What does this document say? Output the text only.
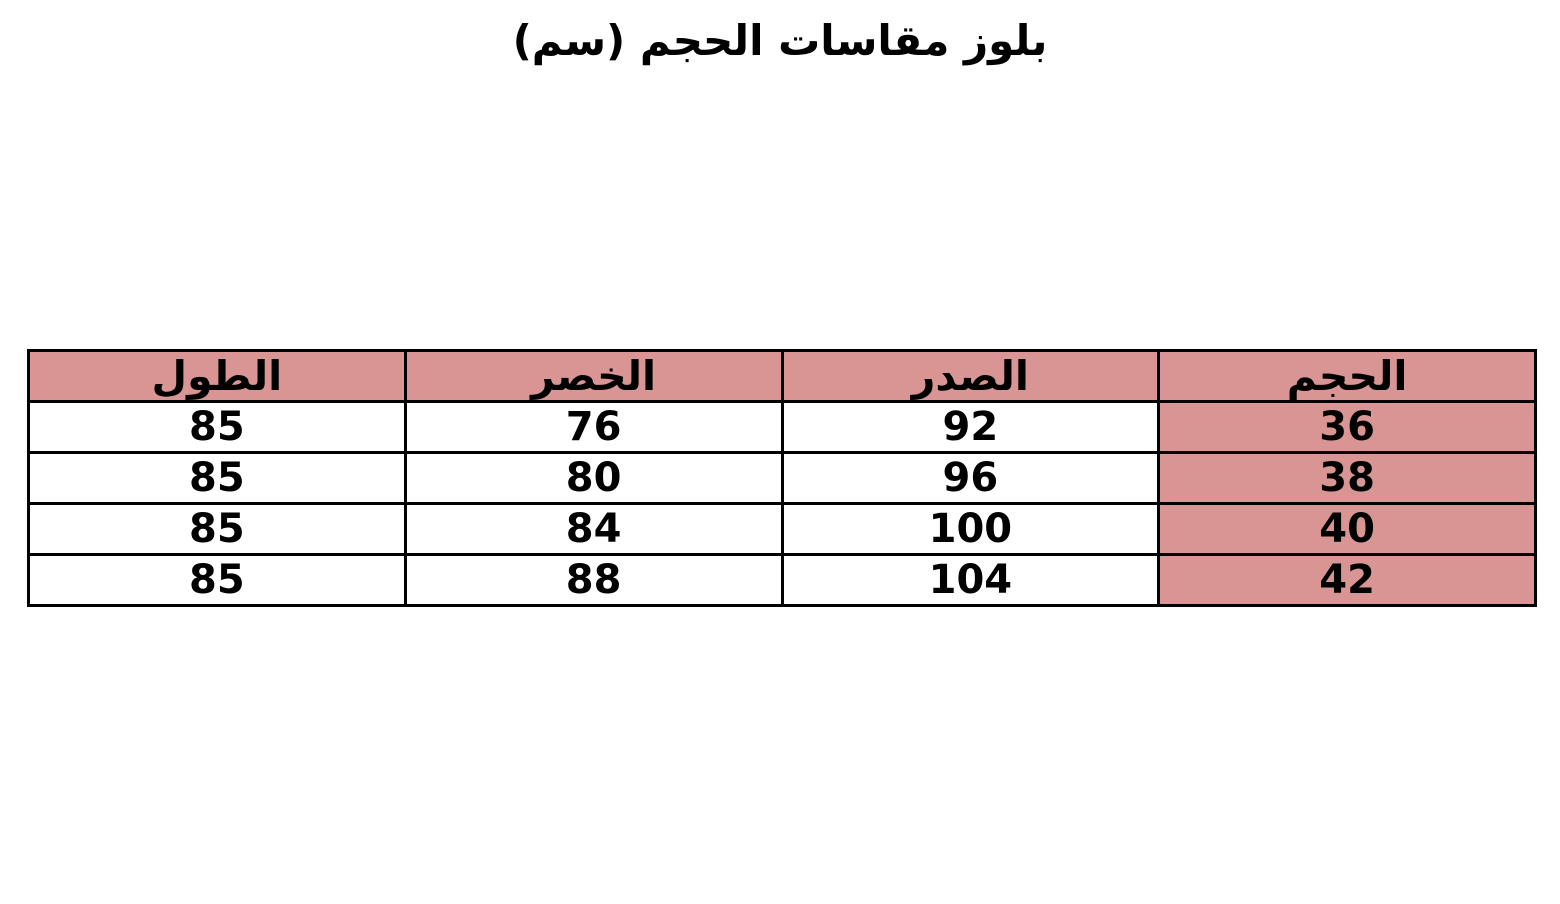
بلوز مقاسات الحجم (سم)
الحجم	الصدر	الخصر	الطول
36	92	76	85
38	96	80	85
40	100	84	85
42	104	88	85
